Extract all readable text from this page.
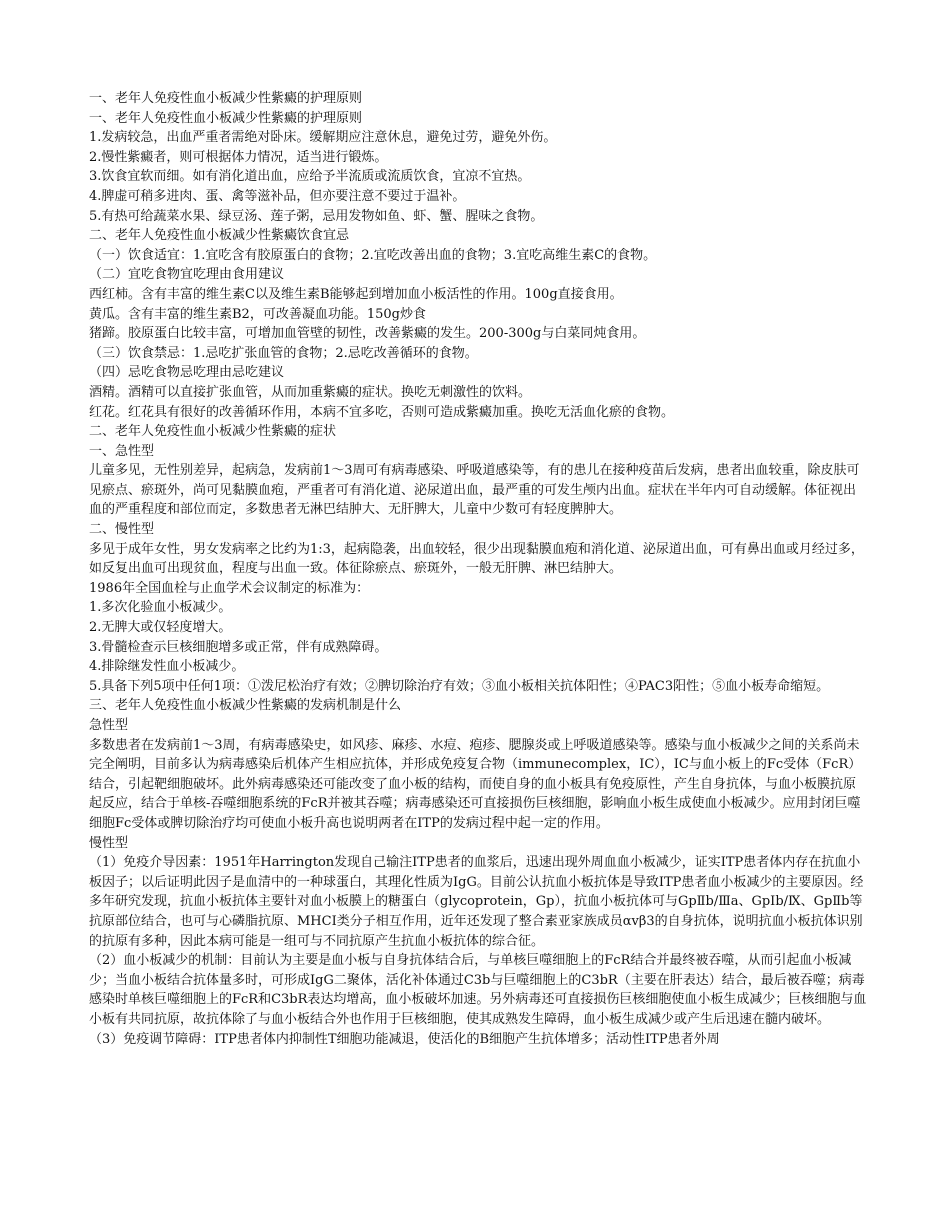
一、老年人免疫性血小板减少性紫癜的护理原则

一、老年人免疫性血小板减少性紫癜的护理原则

1.发病较急，出血严重者需绝对卧床。缓解期应注意休息，避免过劳，避免外伤。

2.慢性紫癜者，则可根据体力情况，适当进行锻炼。

3.饮食宜软而细。如有消化道出血，应给予半流质或流质饮食，宜凉不宜热。

4.脾虚可稍多进肉、蛋、禽等滋补品，但亦要注意不要过于温补。

5.有热可给蔬菜水果、绿豆汤、莲子粥，忌用发物如鱼、虾、蟹、腥味之食物。

二、老年人免疫性血小板减少性紫癜饮食宜忌

（一）饮食适宜：1.宜吃含有胶原蛋白的食物；2.宜吃改善出血的食物；3.宜吃高维生素C的食物。

（二）宜吃食物宜吃理由食用建议

西红柿。含有丰富的维生素C以及维生素B能够起到增加血小板活性的作用。100g直接食用。

黄瓜。含有丰富的维生素B2，可改善凝血功能。150g炒食

猪蹄。胶原蛋白比较丰富，可增加血管壁的韧性，改善紫癜的发生。200-300g与白菜同炖食用。

（三）饮食禁忌：1.忌吃扩张血管的食物；2.忌吃改善循环的食物。

（四）忌吃食物忌吃理由忌吃建议

酒精。酒精可以直接扩张血管，从而加重紫癜的症状。换吃无刺激性的饮料。

红花。红花具有很好的改善循环作用，本病不宜多吃，否则可造成紫癜加重。换吃无活血化瘀的食物。

二、老年人免疫性血小板减少性紫癜的症状

一、急性型

儿童多见，无性别差异，起病急，发病前1～3周可有病毒感染、呼吸道感染等，有的患儿在接种疫苗后发病，患者出血较重，除皮肤可见瘀点、瘀斑外，尚可见黏膜血疱，严重者可有消化道、泌尿道出血，最严重的可发生颅内出血。症状在半年内可自动缓解。体征视出血的严重程度和部位而定，多数患者无淋巴结肿大、无肝脾大，儿童中少数可有轻度脾肿大。

二、慢性型

多见于成年女性，男女发病率之比约为1:3，起病隐袭，出血较轻，很少出现黏膜血疱和消化道、泌尿道出血，可有鼻出血或月经过多，如反复出血可出现贫血，程度与出血一致。体征除瘀点、瘀斑外，一般无肝脾、淋巴结肿大。

1986年全国血栓与止血学术会议制定的标准为：

1.多次化验血小板减少。

2.无脾大或仅轻度增大。

3.骨髓检查示巨核细胞增多或正常，伴有成熟障碍。

4.排除继发性血小板减少。

5.具备下列5项中任何1项：①泼尼松治疗有效；②脾切除治疗有效；③血小板相关抗体阳性；④PAC3阳性；⑤血小板寿命缩短。

三、老年人免疫性血小板减少性紫癜的发病机制是什么

急性型

多数患者在发病前1～3周，有病毒感染史，如风疹、麻疹、水痘、疱疹、腮腺炎或上呼吸道感染等。感染与血小板减少之间的关系尚未完全阐明，目前多认为病毒感染后机体产生相应抗体，并形成免疫复合物（immunecomplex，IC），IC与血小板上的Fc受体（FcR）结合，引起靶细胞破坏。此外病毒感染还可能改变了血小板的结构，而使自身的血小板具有免疫原性，产生自身抗体，与血小板膜抗原起反应，结合于单核-吞噬细胞系统的FcR并被其吞噬；病毒感染还可直接损伤巨核细胞，影响血小板生成使血小板减少。应用封闭巨噬细胞Fc受体或脾切除治疗均可使血小板升高也说明两者在ITP的发病过程中起一定的作用。

慢性型

（1）免疫介导因素：1951年Harrington发现自己输注ITP患者的血浆后，迅速出现外周血血小板减少，证实ITP患者体内存在抗血小板因子；以后证明此因子是血清中的一种球蛋白，其理化性质为IgG。目前公认抗血小板抗体是导致ITP患者血小板减少的主要原因。经多年研究发现，抗血小板抗体主要针对血小板膜上的糖蛋白（glycoprotein，Gp），抗血小板抗体可与GpⅡb/Ⅲa、GpⅠb/Ⅸ、GpⅡb等抗原部位结合，也可与心磷脂抗原、MHCⅠ类分子相互作用，近年还发现了整合素亚家族成员αvβ3的自身抗体，说明抗血小板抗体识别的抗原有多种，因此本病可能是一组可与不同抗原产生抗血小板抗体的综合征。

（2）血小板减少的机制：目前认为主要是血小板与自身抗体结合后，与单核巨噬细胞上的FcR结合并最终被吞噬，从而引起血小板减少；当血小板结合抗体量多时，可形成IgG二聚体，活化补体通过C3b与巨噬细胞上的C3bR（主要在肝表达）结合，最后被吞噬；病毒感染时单核巨噬细胞上的FcR和C3bR表达均增高，血小板破坏加速。另外病毒还可直接损伤巨核细胞使血小板生成减少；巨核细胞与血小板有共同抗原，故抗体除了与血小板结合外也作用于巨核细胞，使其成熟发生障碍，血小板生成减少或产生后迅速在髓内破坏。

（3）免疫调节障碍：ITP患者体内抑制性T细胞功能减退，使活化的B细胞产生抗体增多；活动性ITP患者外周
